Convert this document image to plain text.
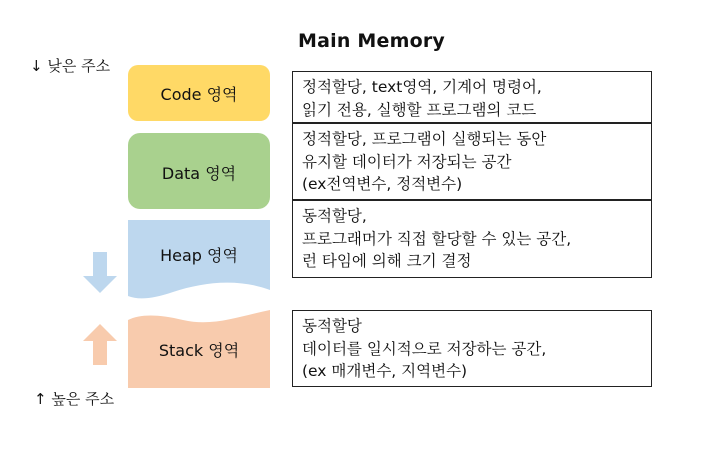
Main Memory
↓ 낮은 주소
↑ 높은 주소
Code 영역
Data 영역
Heap 영역
Stack 영역
정적할당, text영역, 기계어 명령어,
읽기 전용, 실행할 프로그램의 코드
정적할당, 프로그램이 실행되는 동안
유지할 데이터가 저장되는 공간
(ex전역변수, 정적변수)
동적할당,
프로그래머가 직접 할당할 수 있는 공간,
런 타임에 의해 크기 결정
동적할당
데이터를 일시적으로 저장하는 공간,
(ex 매개변수, 지역변수)
